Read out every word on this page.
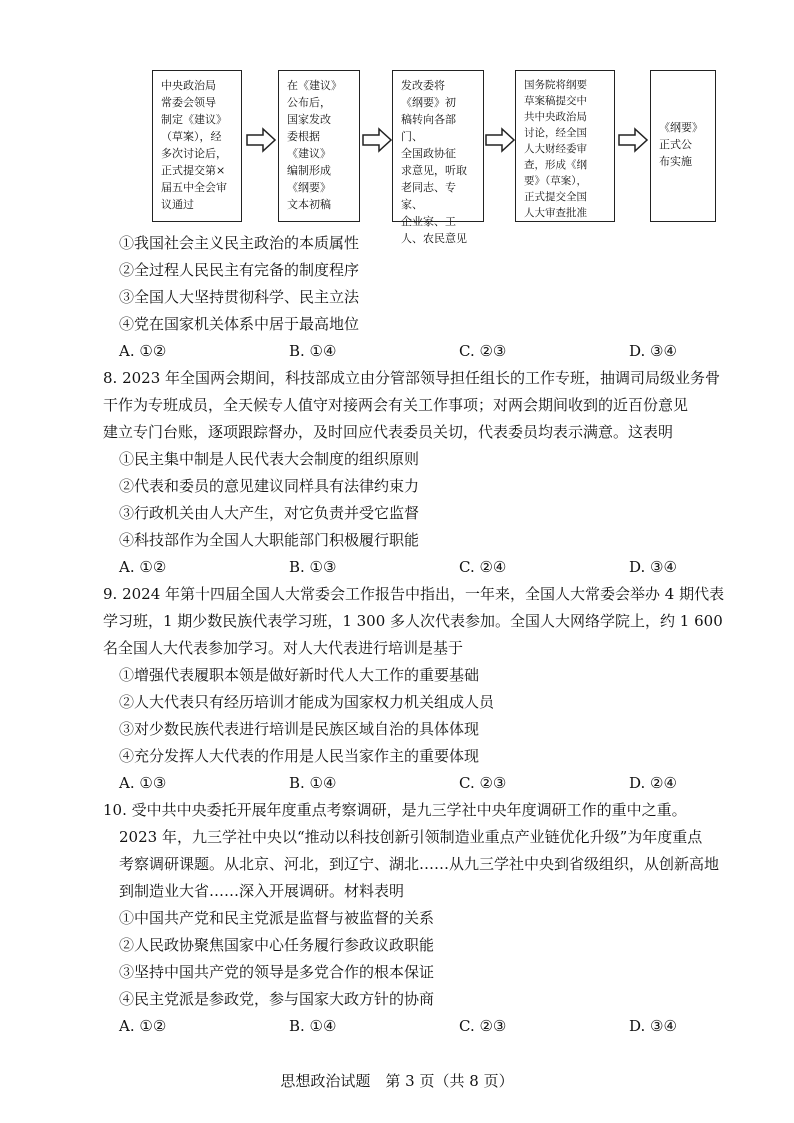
中央政治局
常委会领导
制定《建议》
（草案），经
多次讨论后，
正式提交第×
届五中全会审
议通过
在《建议》
公布后，
国家发改
委根据
《建议》
编制形成
《纲要》
文本初稿
发改委将
《纲要》初
稿转向各部门、
全国政协征
求意见，听取
老同志、专家、
企业家、工
人、农民意见
国务院将纲要
草案稿提交中
共中央政治局
讨论，经全国
人大财经委审
查，形成《纲
要》（草案），
正式提交全国
人大审查批准
《纲要》
正式公
布实施
①我国社会主义民主政治的本质属性
②全过程人民民主有完备的制度程序
③全国人大坚持贯彻科学、民主立法
④党在国家机关体系中居于最高地位
A. ①②	B. ①④	C. ②③	D. ③④
8. 2023 年全国两会期间，科技部成立由分管部领导担任组长的工作专班，抽调司局级业务骨
干作为专班成员，全天候专人值守对接两会有关工作事项；对两会期间收到的近百份意见
建立专门台账，逐项跟踪督办，及时回应代表委员关切，代表委员均表示满意。这表明
①民主集中制是人民代表大会制度的组织原则
②代表和委员的意见建议同样具有法律约束力
③行政机关由人大产生，对它负责并受它监督
④科技部作为全国人大职能部门积极履行职能
A. ①②	B. ①③	C. ②④	D. ③④
9. 2024 年第十四届全国人大常委会工作报告中指出，一年来，全国人大常委会举办 4 期代表
学习班，1 期少数民族代表学习班，1 300 多人次代表参加。全国人大网络学院上，约 1 600
名全国人大代表参加学习。对人大代表进行培训是基于
①增强代表履职本领是做好新时代人大工作的重要基础
②人大代表只有经历培训才能成为国家权力机关组成人员
③对少数民族代表进行培训是民族区域自治的具体体现
④充分发挥人大代表的作用是人民当家作主的重要体现
A. ①③	B. ①④	C. ②③	D. ②④
10. 受中共中央委托开展年度重点考察调研，是九三学社中央年度调研工作的重中之重。
2023 年，九三学社中央以“推动以科技创新引领制造业重点产业链优化升级”为年度重点
考察调研课题。从北京、河北，到辽宁、湖北……从九三学社中央到省级组织，从创新高地
到制造业大省……深入开展调研。材料表明
①中国共产党和民主党派是监督与被监督的关系
②人民政协聚焦国家中心任务履行参政议政职能
③坚持中国共产党的领导是多党合作的根本保证
④民主党派是参政党，参与国家大政方针的协商
A. ①②	B. ①④	C. ②③	D. ③④
思想政治试题　第 3 页（共 8 页）
